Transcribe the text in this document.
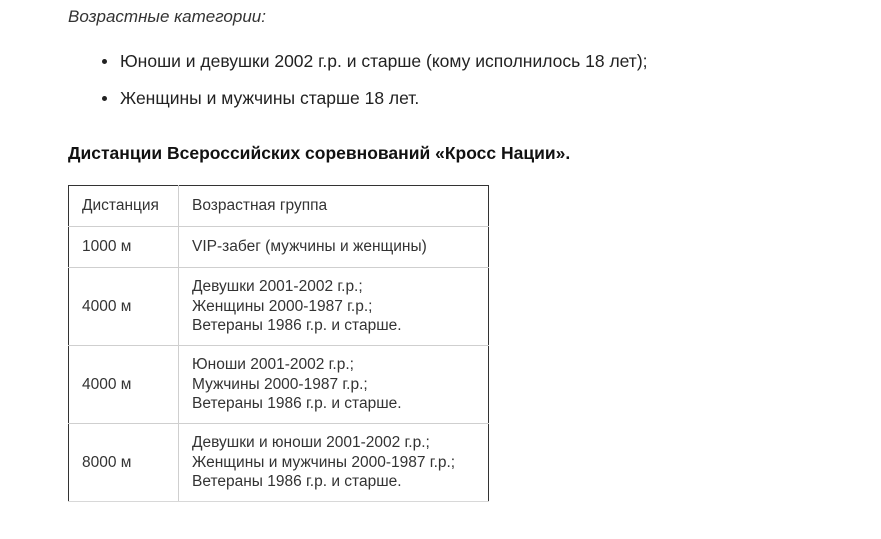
Возрастные категории:
Юноши и девушки 2002 г.р. и старше (кому исполнилось 18 лет);
Женщины и мужчины старше 18 лет.
Дистанции Всероссийских соревнований «Кросс Нации».
Дистанция	Возрастная группа
1000 м	VIP-забег (мужчины и женщины)

4000 м	Девушки 2001-2002 г.р.;
Женщины 2000-1987 г.р.;
Ветераны 1986 г.р. и старше.

4000 м	Юноши 2001-2002 г.р.;
Мужчины 2000-1987 г.р.;
Ветераны 1986 г.р. и старше.

8000 м	Девушки и юноши 2001-2002 г.р.;
Женщины и мужчины 2000-1987 г.р.;
Ветераны 1986 г.р. и старше.
